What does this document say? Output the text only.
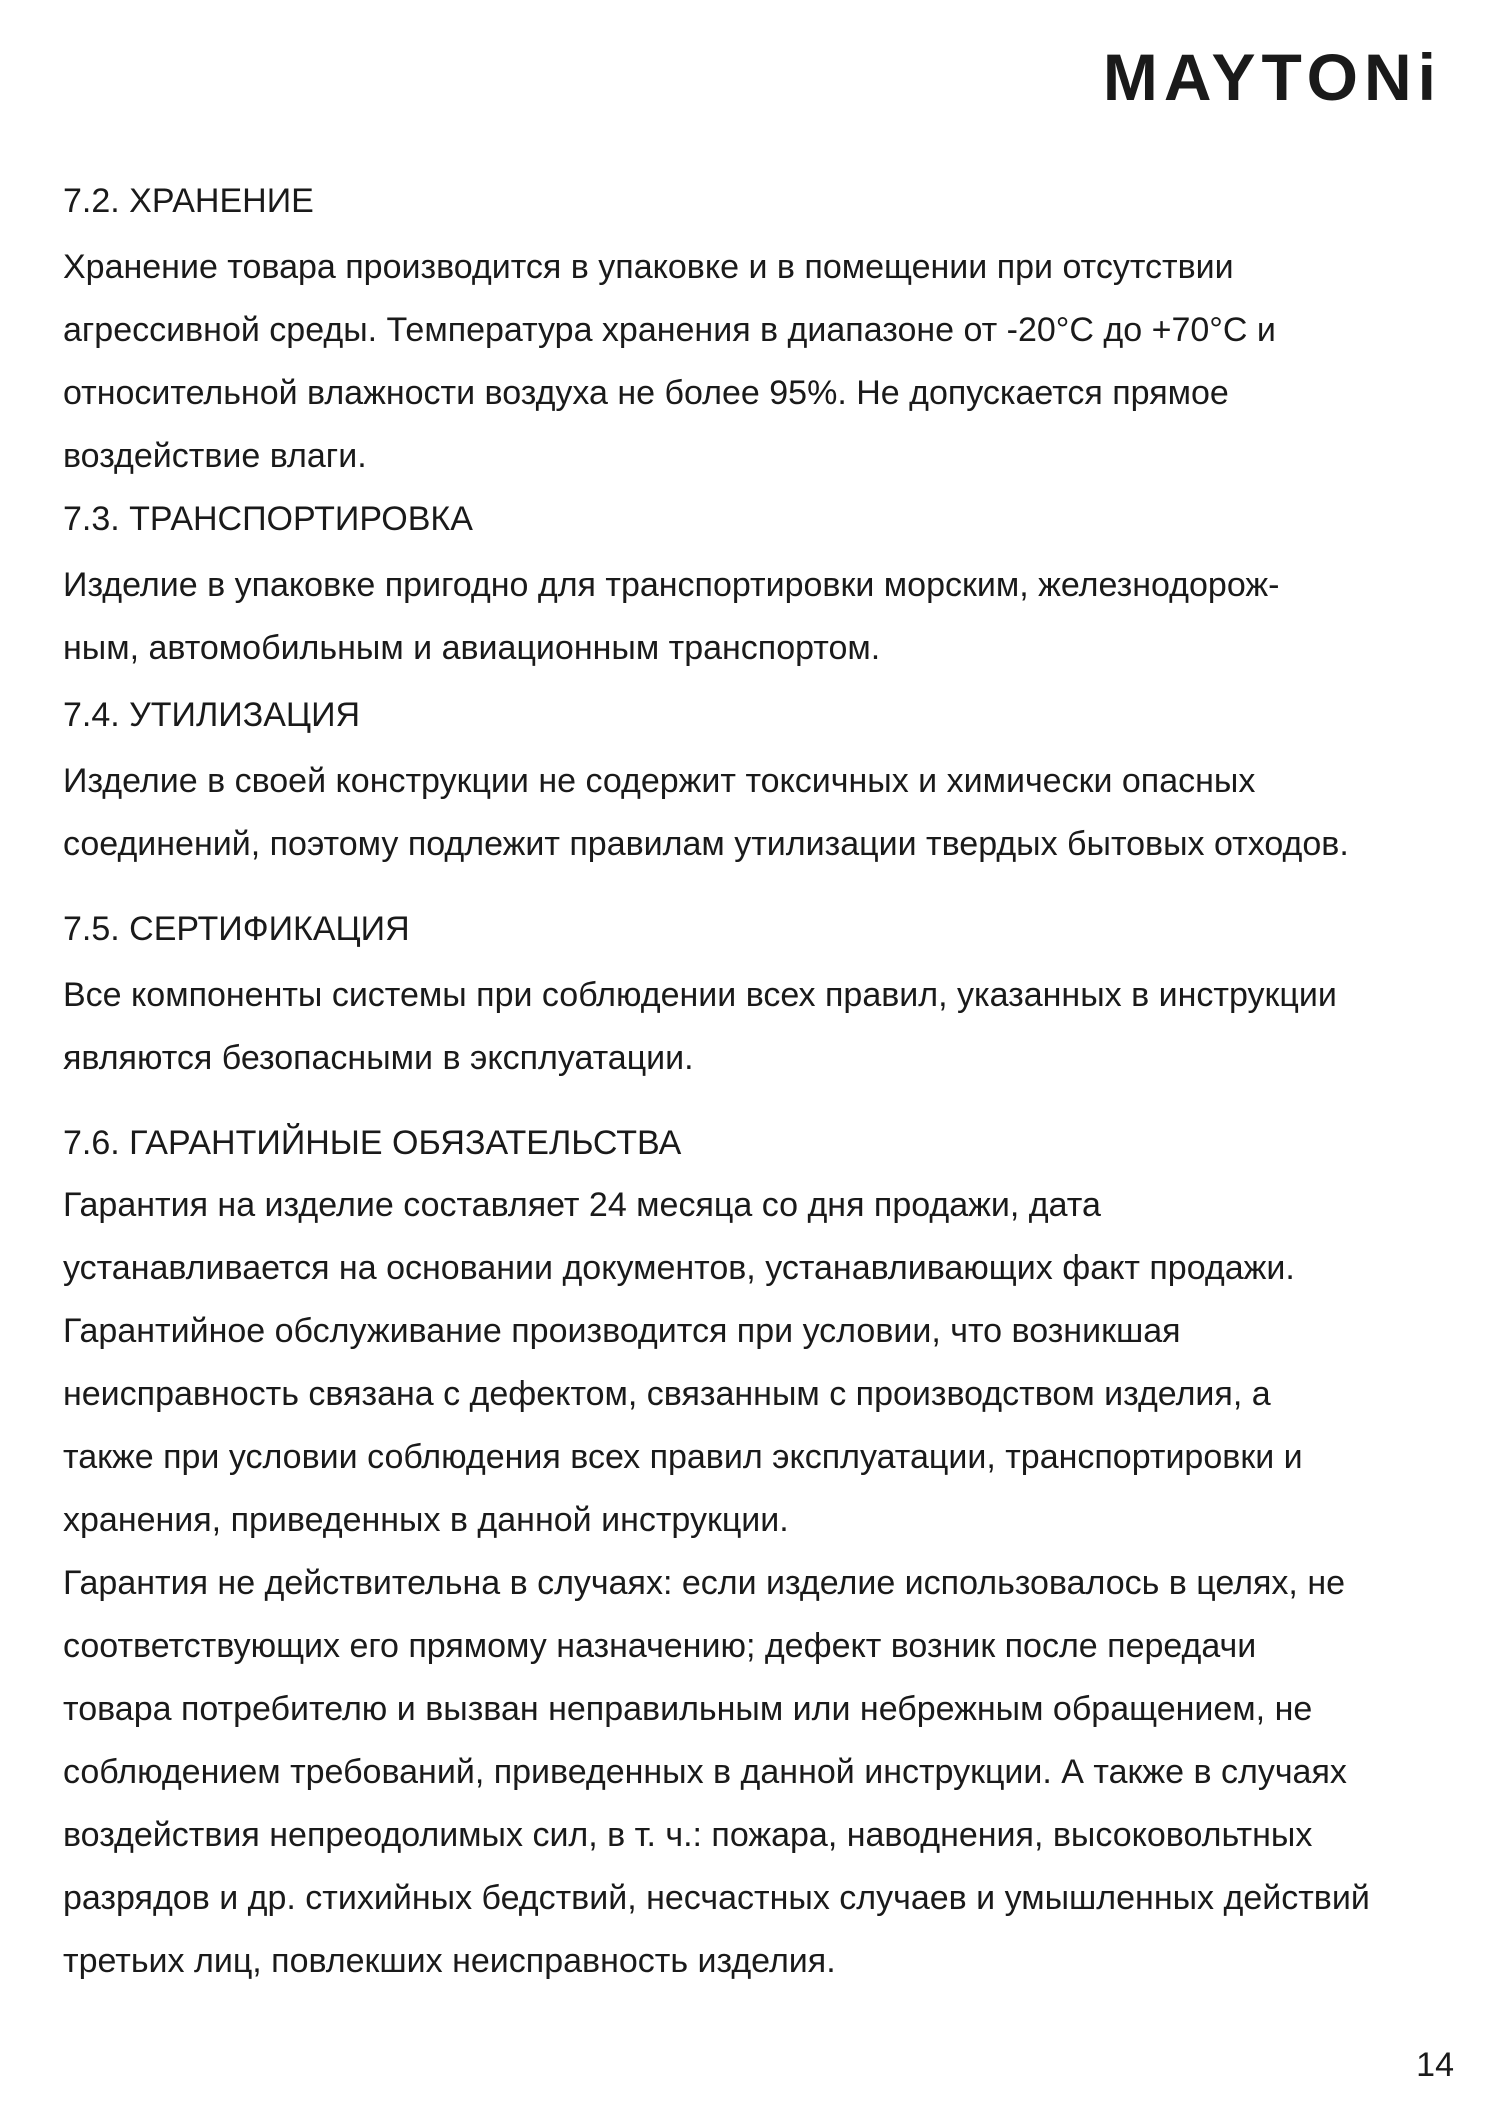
MAYTONi
7.2. ХРАНЕНИЕ

Хранение товара производится в упаковке и в помещении при отсутствии

агрессивной среды. Температура хранения в диапазоне от -20°С до +70°С и

относительной влажности воздуха не более 95%. Не допускается прямое

воздействие влаги.

7.3. ТРАНСПОРТИРОВКА

Изделие в упаковке пригодно для транспортировки морским, железнодорож-

ным, автомобильным и авиационным транспортом.

7.4. УТИЛИЗАЦИЯ

Изделие в своей конструкции не содержит токсичных и химически опасных

соединений, поэтому подлежит правилам утилизации твердых бытовых отходов.

7.5. СЕРТИФИКАЦИЯ

Все компоненты системы при соблюдении всех правил, указанных в инструкции

являются безопасными в эксплуатации.

7.6. ГАРАНТИЙНЫЕ ОБЯЗАТЕЛЬСТВА

Гарантия на изделие составляет 24 месяца со дня продажи, дата

устанавливается на основании документов, устанавливающих факт продажи.

Гарантийное обслуживание производится при условии, что возникшая

неисправность связана с дефектом, связанным с производством изделия, а

также при условии соблюдения всех правил эксплуатации, транспортировки и

хранения, приведенных в данной инструкции.

Гарантия не действительна в случаях: если изделие использовалось в целях, не

соответствующих его прямому назначению; дефект возник после передачи

товара потребителю и вызван неправильным или небрежным обращением, не

соблюдением требований, приведенных в данной инструкции. А также в случаях

воздействия непреодолимых сил, в т. ч.: пожара, наводнения, высоковольтных

разрядов и др. стихийных бедствий, несчастных случаев и умышленных действий

третьих лиц, повлекших неисправность изделия.

14
